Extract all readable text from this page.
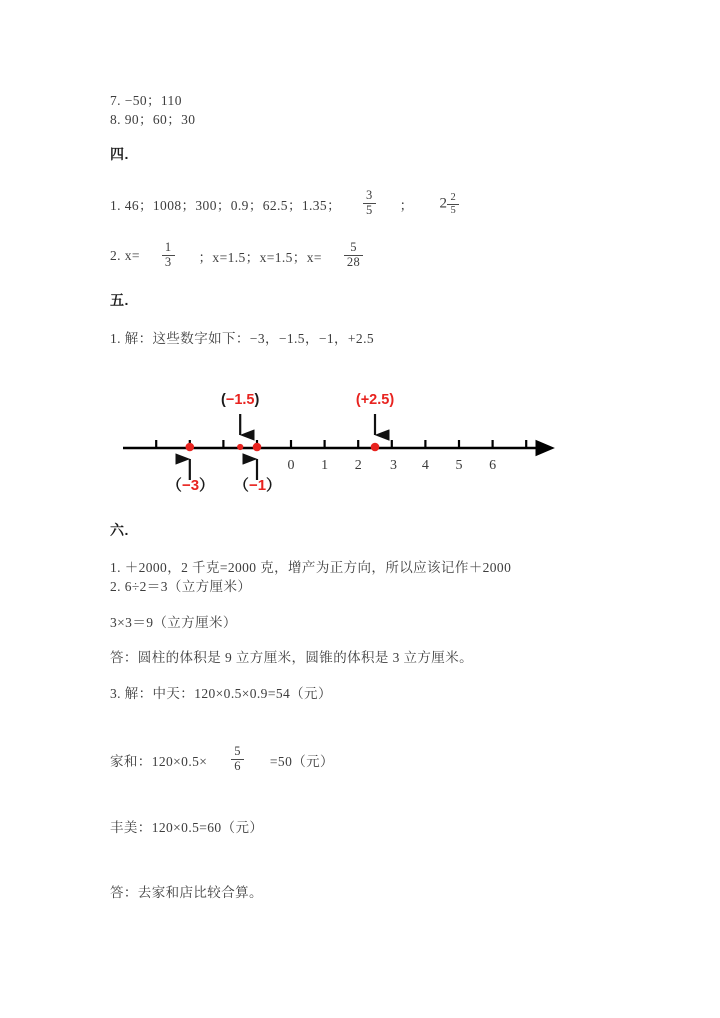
7. −50；110
8. 90；60；30
四.
1. 46；1008；300；0.9；62.5；1.35； $\frac{3}{5}$ ； $2 \frac{2}{5}$
2. $x= \frac{1}{3}$ ；x=1.5；x=1.5；$x= \frac{5}{28}$
五.
1. 解：这些数字如下：−3，−1.5，−1，+2.5
0 1 2 3 4 5 6
(−1.5)	(+2.5)
（−3） （−1）
六.
1. ＋2000，2 千克=2000 克，增产为正方向，所以应该记作＋2000
2. 6÷2＝3（立方厘米）
3×3＝9（立方厘米）
答：圆柱的体积是 9 立方厘米，圆锥的体积是 3 立方厘米。
3. 解：中天：120×0.5×0.9=54（元）
家和：$120\times 0.5\times \frac{5}{6} =50$（元）
丰美：120×0.5=60（元）
答：去家和店比较合算。
